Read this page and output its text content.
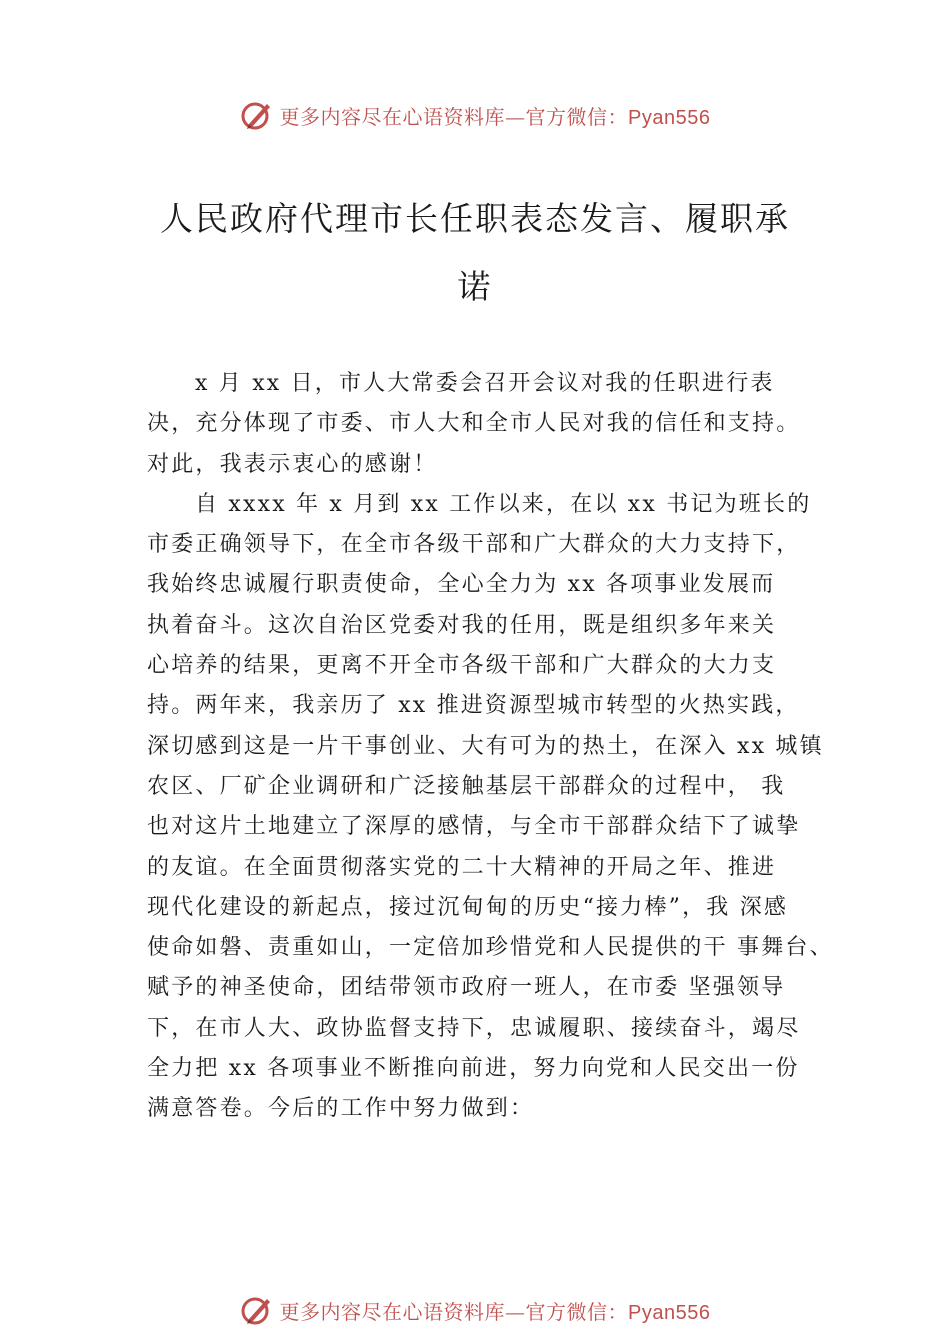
更多内容尽在心语资料库—官方微信：Pyan556
人民政府代理市长任职表态发言、履职承
诺
x 月 xx 日，市人大常委会召开会议对我的任职进行表
决，充分体现了市委、市人大和全市人民对我的信任和支持。
对此，我表示衷心的感谢！
自 xxxx 年 x 月到 xx 工作以来，在以 xx 书记为班长的
市委正确领导下，在全市各级干部和广大群众的大力支持下，
我始终忠诚履行职责使命，全心全力为 xx 各项事业发展而
执着奋斗。这次自治区党委对我的任用，既是组织多年来关
心培养的结果，更离不开全市各级干部和广大群众的大力支
持。两年来，我亲历了 xx 推进资源型城市转型的火热实践，
深切感到这是一片干事创业、大有可为的热土，在深入 xx 城镇
农区、厂矿企业调研和广泛接触基层干部群众的过程中， 我
也对这片土地建立了深厚的感情，与全市干部群众结下了诚挚
的友谊。在全面贯彻落实党的二十大精神的开局之年、推进
现代化建设的新起点，接过沉甸甸的历史“接力棒”，我 深感
使命如磐、责重如山，一定倍加珍惜党和人民提供的干 事舞台、
赋予的神圣使命，团结带领市政府一班人，在市委 坚强领导
下，在市人大、政协监督支持下，忠诚履职、接续奋斗，竭尽
全力把 xx 各项事业不断推向前进，努力向党和人民交出一份
满意答卷。今后的工作中努力做到：
更多内容尽在心语资料库—官方微信：Pyan556
